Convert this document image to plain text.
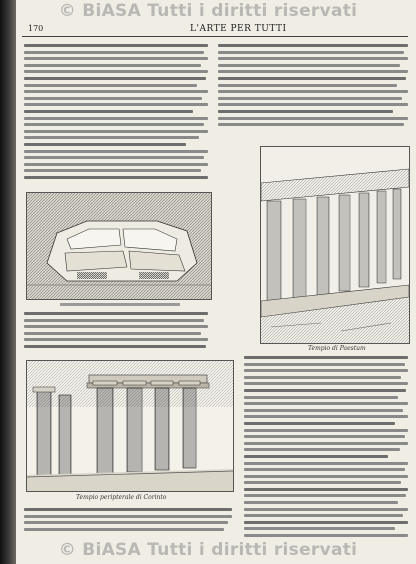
© BiASA Tutti i diritti riservati
170	L'ARTE PER TUTTI
Tempio di Paestum
Tempio peripterale di Corinto
© BiASA Tutti i diritti riservati
